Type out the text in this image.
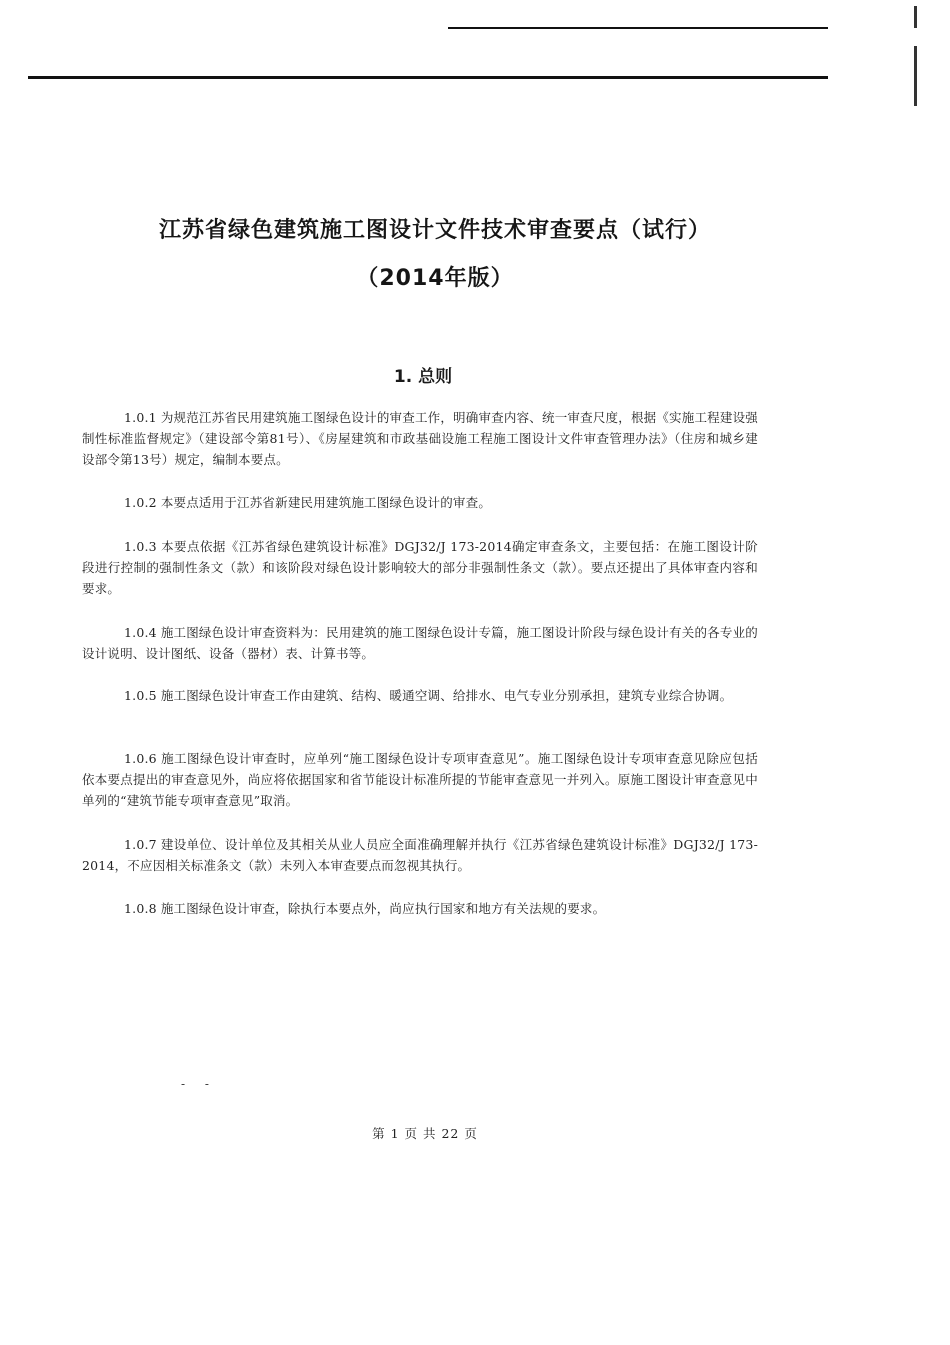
江苏省绿色建筑施工图设计文件技术审查要点（试行）
（2014年版）
1. 总则
1.0.1 为规范江苏省民用建筑施工图绿色设计的审查工作，明确审查内容、统一审查尺度，根据《实施工程建设强制性标准监督规定》（建设部令第81号）、《房屋建筑和市政基础设施工程施工图设计文件审查管理办法》（住房和城乡建设部令第13号）规定，编制本要点。
1.0.2 本要点适用于江苏省新建民用建筑施工图绿色设计的审查。
1.0.3 本要点依据《江苏省绿色建筑设计标准》DGJ32/J 173-2014确定审查条文，主要包括：在施工图设计阶段进行控制的强制性条文（款）和该阶段对绿色设计影响较大的部分非强制性条文（款）。要点还提出了具体审查内容和要求。
1.0.4 施工图绿色设计审查资料为：民用建筑的施工图绿色设计专篇，施工图设计阶段与绿色设计有关的各专业的设计说明、设计图纸、设备（器材）表、计算书等。
1.0.5 施工图绿色设计审查工作由建筑、结构、暖通空调、给排水、电气专业分别承担，建筑专业综合协调。
1.0.6 施工图绿色设计审查时，应单列“施工图绿色设计专项审查意见”。施工图绿色设计专项审查意见除应包括依本要点提出的审查意见外，尚应将依据国家和省节能设计标准所提的节能审查意见一并列入。原施工图设计审查意见中单列的“建筑节能专项审查意见”取消。
1.0.7 建设单位、设计单位及其相关从业人员应全面准确理解并执行《江苏省绿色建筑设计标准》DGJ32/J 173-2014，不应因相关标准条文（款）未列入本审查要点而忽视其执行。
1.0.8 施工图绿色设计审查，除执行本要点外，尚应执行国家和地方有关法规的要求。
- -
第 1 页 共 22 页
